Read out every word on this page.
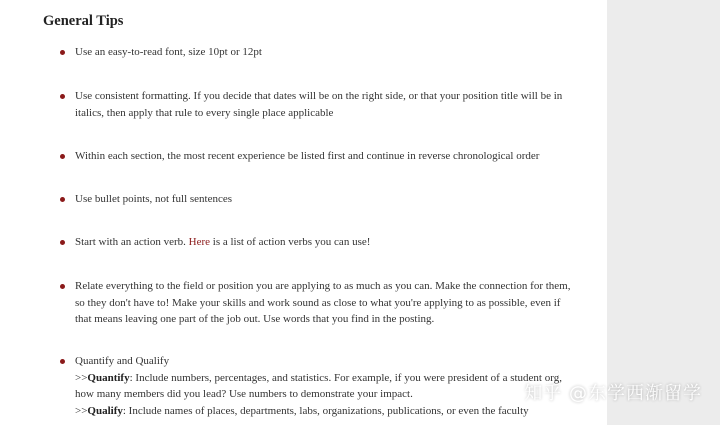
General Tips
Use an easy-to-read font, size 10pt or 12pt
Use consistent formatting. If you decide that dates will be on the right side, or that your position title will be in italics, then apply that rule to every single place applicable
Within each section, the most recent experience be listed first and continue in reverse chronological order
Use bullet points, not full sentences
Start with an action verb. Here is a list of action verbs you can use!
Relate everything to the field or position you are applying to as much as you can. Make the connection for them, so they don't have to! Make your skills and work sound as close to what you're applying to as possible, even if that means leaving one part of the job out. Use words that you find in the posting.
Quantify and Qualify
>>Quantify: Include numbers, percentages, and statistics. For example, if you were president of a student org, how many members did you lead? Use numbers to demonstrate your impact.
>>Qualify: Include names of places, departments, labs, organizations, publications, or even the faculty
知乎 @东学西渐留学
